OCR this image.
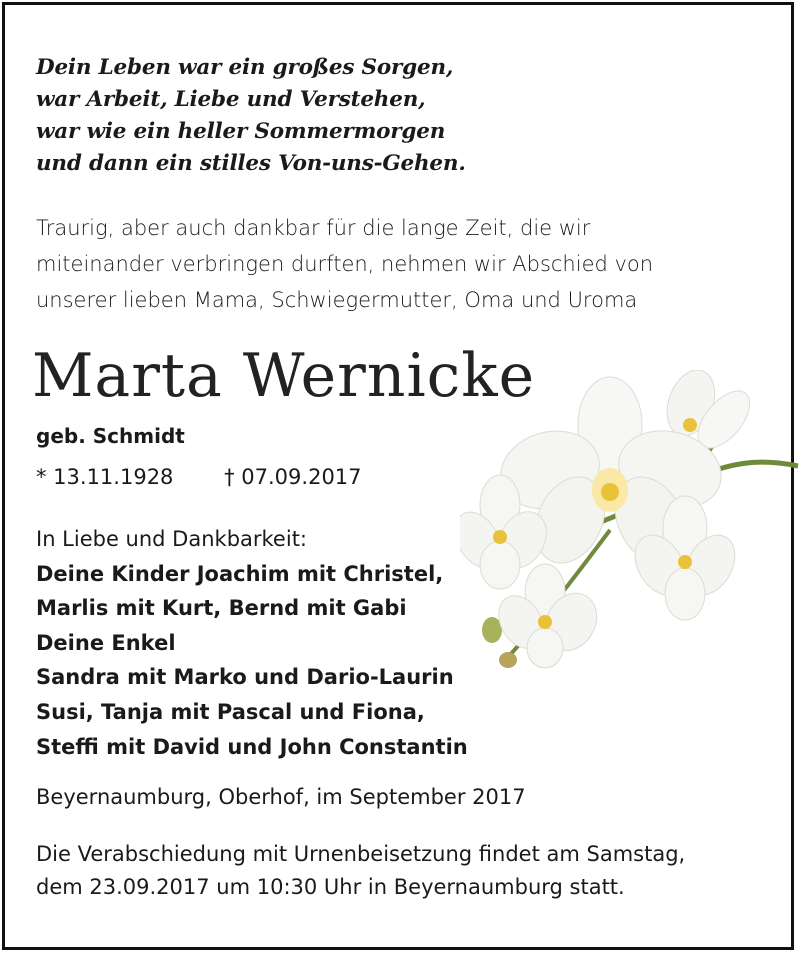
Dein Leben war ein großes Sorgen,
war Arbeit, Liebe und Verstehen,
war wie ein heller Sommermorgen
und dann ein stilles Von-uns-Gehen.
Traurig, aber auch dankbar für die lange Zeit, die wir
miteinander verbringen durften, nehmen wir Abschied von
unserer lieben Mama, Schwiegermutter, Oma und Uroma
Marta Wernicke
geb. Schmidt
* 13.11.1928 † 07.09.2017
In Liebe und Dankbarkeit:
Deine Kinder Joachim mit Christel,
Marlis mit Kurt, Bernd mit Gabi
Deine Enkel
Sandra mit Marko und Dario-Laurin
Susi, Tanja mit Pascal und Fiona,
Steffi mit David und John Constantin
Beyernaumburg, Oberhof, im September 2017
Die Verabschiedung mit Urnenbeisetzung findet am Samstag,
dem 23.09.2017 um 10:30 Uhr in Beyernaumburg statt.
